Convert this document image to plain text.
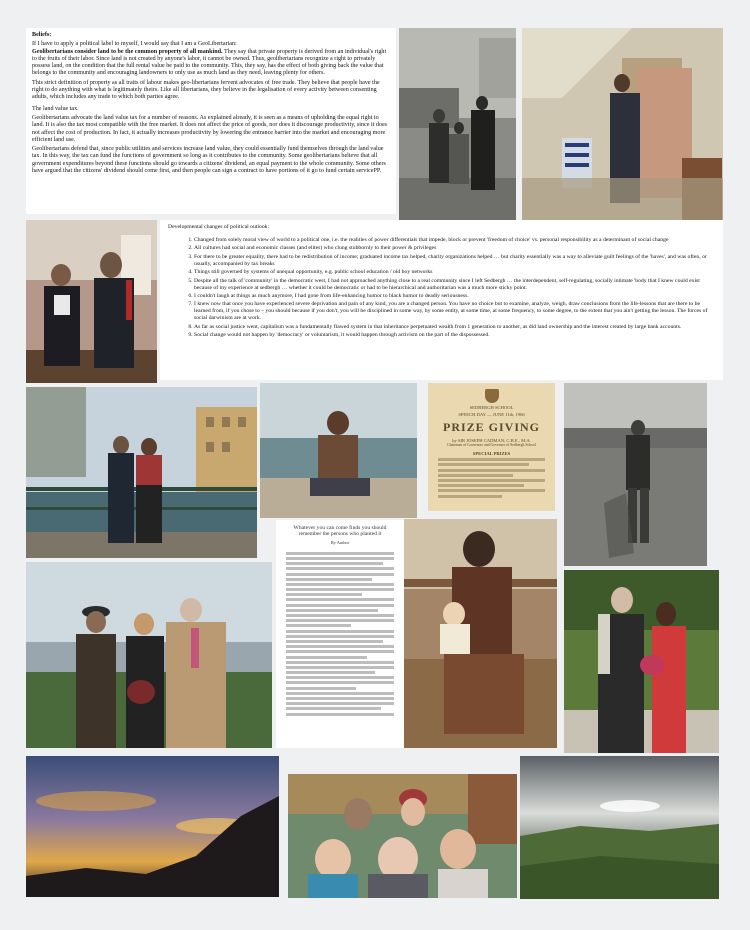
Beliefs:

If I have to apply a political label to myself, I would say that I am a GeoLibertarian:
Geolibertarians consider land to be the common property of all mankind. They say that private property is derived from an individual's right to the fruits of their labor. Since land is not created by anyone's labor, it cannot be owned. Thus, geolibertarians recognize a right to privately possess land, on the condition that the full rental value be paid to the community. This, they say, has the effect of both giving back the value that belongs to the community and encouraging landowners to only use as much land as they need, leaving plenty for others.

This strict definition of property as all traits of labour makes geo-libertarians fervent advocates of free trade. They believe that people have the right to do anything with what is legitimately theirs. Like all libertarians, they believe in the legalisation of every activity between consenting adults, which includes any trade to which both parties agree.

The land value tax.

Geolibertarians advocate the land value tax for a number of reasons. As explained already, it is seen as a means of upholding the equal right to land. It is also the tax most compatible with the free market. It does not affect the price of goods, nor does it discourage productivity, since it does not affect the cost of production. In fact, it actually increases productivity by lowering the entrance barrier into the market and encouraging more efficient land use.

Geolibertarians defend that, since public utilities and services increase land value, they could essentially fund themselves through the land value tax. In this way, the tax can fund the functions of government so long as it contributes to the community. Some geolibertarians believe that all government expenditures beyond these functions should go towards a citizens' dividend, an equal payment to the whole community. Some others have argued that the citizens' dividend should come first, and then people can sign a contract to have portions of it go to fund certain servicePP.

Developmental changes of political outlook:

1. Changed from solely moral view of world to a political one, i.e. the realities of power differentials that impede, block or prevent 'freedom of choice' vs. personal responsibility as a determinant of social change
2. All cultures had social and economic classes (and elites) who clung stubbornly to their power & privileges
3. For there to be greater equality, there had to be redistribution of income; graduated income tax helped, charity organizations helped … but charity essentially was a way to alleviate guilt feelings of the 'haves', and was often, or usually, accompanied by tax breaks
4. Things still governed by systems of unequal opportunity, e.g. public school education / old boy networks
5. Despite all the talk of 'community' in the democratic west, I had not approached anything close to a real community since I left Sedbergh … the interdependent, self-regulating, socially intimate 'body that I knew could exist because of my experience at sedbergh … whether it could be democratic or had to be hierarchical and authoritarian was a much more sticky point.
6. I couldn't laugh at things as much anymore, I had gone from life-enhancing humor to black humor to deadly seriousness.
7. I knew now that once you have experienced severe deprivation and pain of any kind, you are a changed person. You have no choice but to examine, analyze, weigh, draw conclusions from the life-lessons that are there to be learned from, if you chose to – you should because if you don't, you will be disciplined in some way, by some entity, at some time, at some frequency, to some degree, to the extent that you ain't getting the lesson. The forces of social darwinism are at work.
8. As far as social justice went, capitalism was a fundamentally flawed system in that inheritance perpetuated wealth from 1 generation to another, as did land ownership and the interest created by large bank accounts.
9. Social change would not happen by 'democracy' or voluntarism, it would happen through activism on the part of the dispossessed.
SEDBERGH SCHOOL
SPEECH DAY — JUNE 11th, 1966
PRIZE GIVING
by SIR JOSEPH CADMAN, C.B.E., M.A.
Chairman of Governors and Governor of Sedbergh School
SPECIAL PRIZES
Whatever you can come finds you should remember the persons who planted it
By Author
